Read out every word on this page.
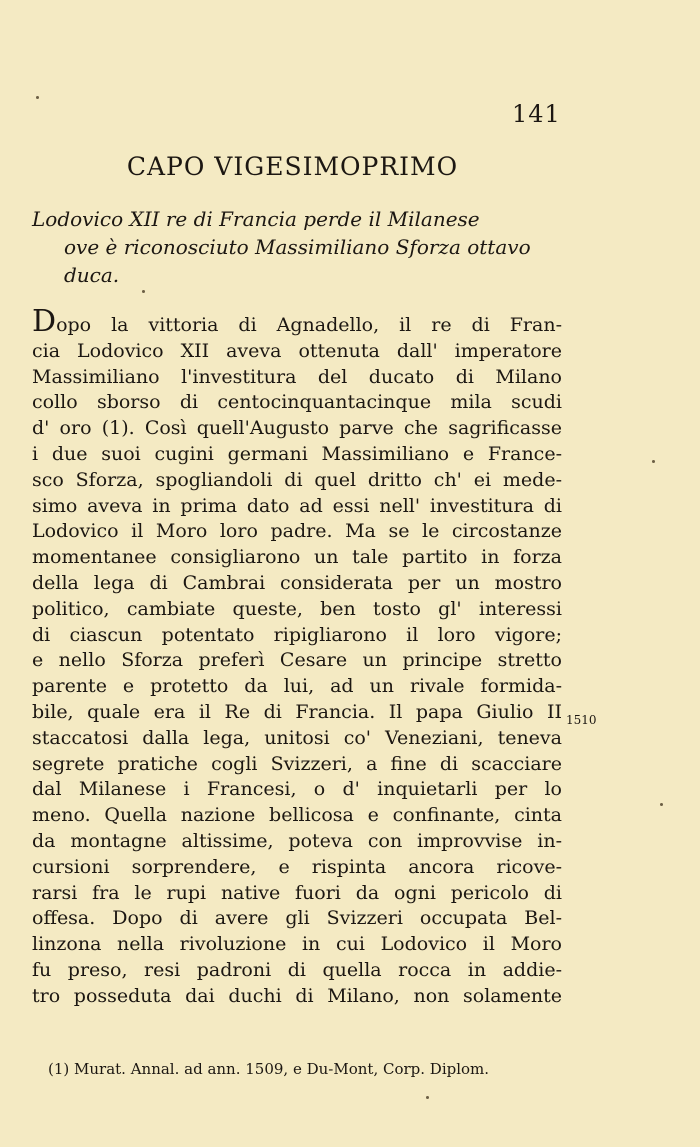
141
CAPO VIGESIMOPRIMO
Lodovico XII re di Francia perde il Milanese
ove è riconosciuto Massimiliano Sforza ottavo
duca.
Dopo la vittoria di Agnadello, il re di Fran-
cia Lodovico XII aveva ottenuta dall' imperatore
Massimiliano l'investitura del ducato di Milano
collo sborso di centocinquantacinque mila scudi
d' oro (1). Così quell'Augusto parve che sagrificasse
i due suoi cugini germani Massimiliano e France-
sco Sforza, spogliandoli di quel dritto ch' ei mede-
simo aveva in prima dato ad essi nell' investitura di
Lodovico il Moro loro padre. Ma se le circostanze
momentanee consigliarono un tale partito in forza
della lega di Cambrai considerata per un mostro
politico, cambiate queste, ben tosto gl' interessi
di ciascun potentato ripigliarono il loro vigore;
e nello Sforza preferì Cesare un principe stretto
parente e protetto da lui, ad un rivale formida-
bile, quale era il Re di Francia. Il papa Giulio II
staccatosi dalla lega, unitosi co' Veneziani, teneva
segrete pratiche cogli Svizzeri, a fine di scacciare
dal Milanese i Francesi, o d' inquietarli per lo
meno. Quella nazione bellicosa e confinante, cinta
da montagne altissime, poteva con improvvise in-
cursioni sorprendere, e rispinta ancora ricove-
rarsi fra le rupi native fuori da ogni pericolo di
offesa. Dopo di avere gli Svizzeri occupata Bel-
linzona nella rivoluzione in cui Lodovico il Moro
fu preso, resi padroni di quella rocca in addie-
tro posseduta dai duchi di Milano, non solamente
1510
(1) Murat. Annal. ad ann. 1509, e Du-Mont, Corp. Diplom.
